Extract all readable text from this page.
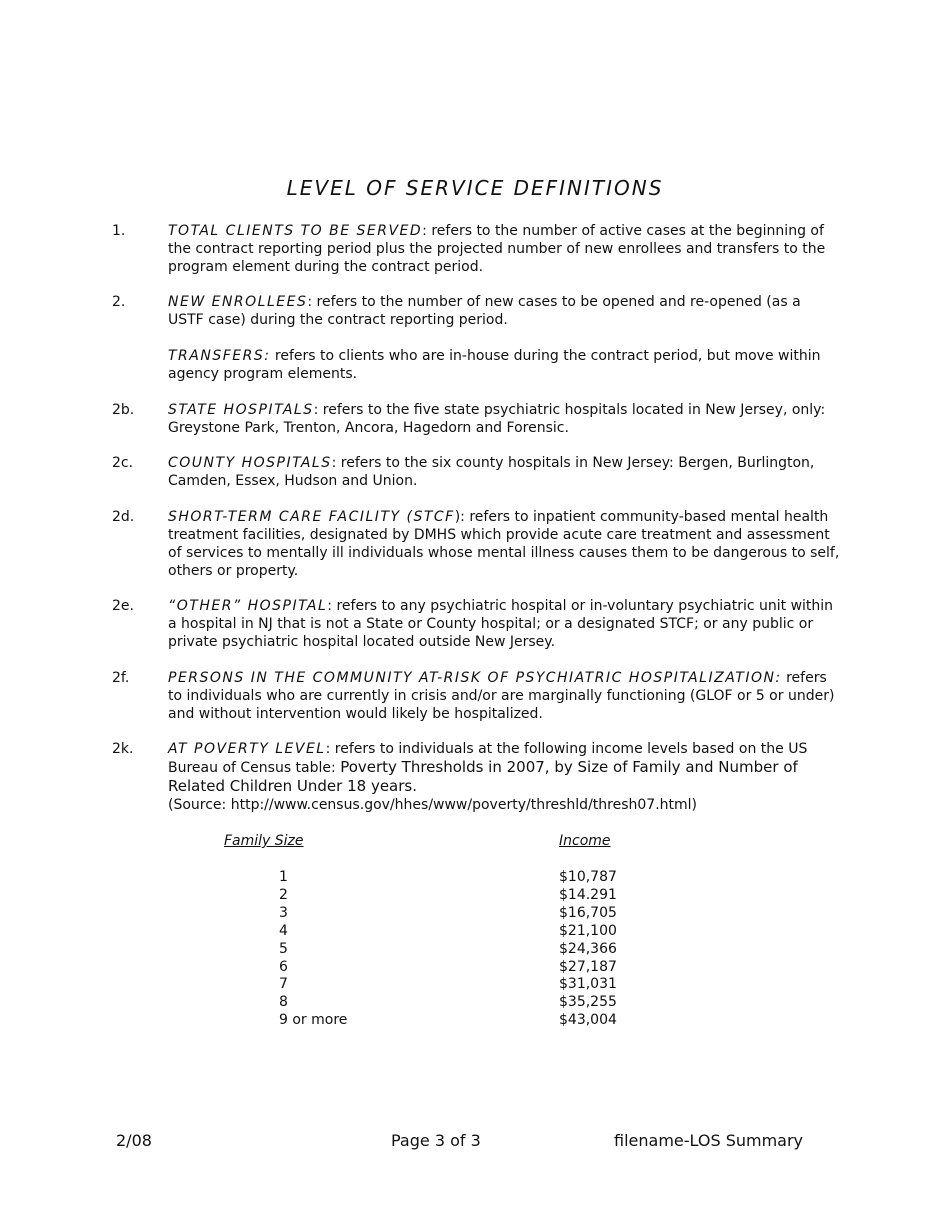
LEVEL OF SERVICE DEFINITIONS
1.	TOTAL CLIENTS TO BE SERVED: refers to the number of active cases at the beginning of the contract reporting period plus the projected number of new enrollees and transfers to the program element during the contract period.
2.	NEW ENROLLEES: refers to the number of new cases to be opened and re-opened (as a USTF case) during the contract reporting period.
TRANSFERS: refers to clients who are in-house during the contract period, but move within agency program elements.
2b. STATE HOSPITALS: refers to the five state psychiatric hospitals located in New Jersey, only: Greystone Park, Trenton, Ancora, Hagedorn and Forensic.
2c. COUNTY HOSPITALS: refers to the six county hospitals in New Jersey: Bergen, Burlington, Camden, Essex, Hudson and Union.
2d. SHORT-TERM CARE FACILITY (STCF): refers to inpatient community-based mental health treatment facilities, designated by DMHS which provide acute care treatment and assessment of services to mentally ill individuals whose mental illness causes them to be dangerous to self, others or property.
2e. “OTHER” HOSPITAL: refers to any psychiatric hospital or in-voluntary psychiatric unit within a hospital in NJ that is not a State or County hospital; or a designated STCF; or any public or private psychiatric hospital located outside New Jersey.
2f.	PERSONS IN THE COMMUNITY AT-RISK OF PSYCHIATRIC HOSPITALIZATION: refers to individuals who are currently in crisis and/or are marginally functioning (GLOF or 5 or under) and without intervention would likely be hospitalized.
2k. AT POVERTY LEVEL: refers to individuals at the following income levels based on the US Bureau of Census table: Poverty Thresholds in 2007, by Size of Family and Number of Related Children Under 18 years.
(Source: http://www.census.gov/hhes/www/poverty/threshld/thresh07.html)
Family Size	Income
1	$10,787
2	$14.291
3	$16,705
4	$21,100
5	$24,366
6	$27,187
7	$31,031
8	$35,255
9 or more	$43,004
2/08	Page 3 of 3	filename-LOS Summary
